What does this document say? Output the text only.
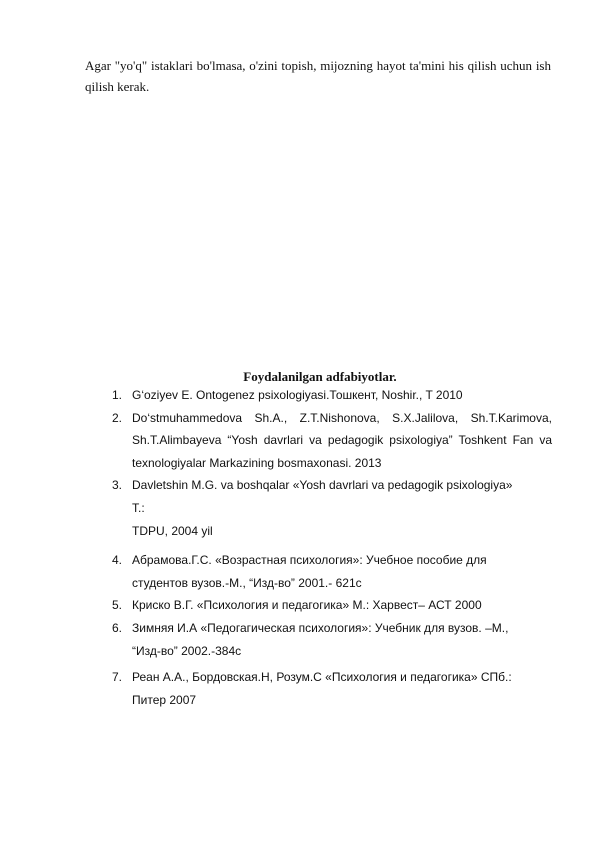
Agar "yo'q" istaklari bo'lmasa, o'zini topish, mijozning hayot ta'mini his qilish uchun ish qilish kerak.

Foydalanilgan adfabiyotlar.
1. G‘oziyev E. Ontogenez psixologiyasi.Тошкент, Noshir., T 2010
2. Do‘stmuhammedova Sh.A., Z.T.Nishonova, S.X.Jalilova, Sh.T.Karimova, Sh.T.Alimbayeva “Yosh davrlari va pedagogik psixologiya” Toshkent Fan va texnologiyalar Markazining bosmaxonasi. 2013
3. Davletshin M.G. va boshqalar «Yosh davrlari va pedagogik psixologiya»
T.:
TDPU, 2004 yil
4. Абрамова.Г.С. «Возрастная психология»: Учебное пособие для
студентов вузов.-М., “Изд-во” 2001.- 621с
5. Криско В.Г. «Психология и педагогика» М.: Харвест– АСТ 2000
6. Зимняя И.А «Педогагическая психология»: Учебник для вузов. –М.,
“Изд-во” 2002.-384с
7. Реан А.А., Бордовская.Н, Розум.С «Психология и педагогика» СПб.:
Питер 2007
